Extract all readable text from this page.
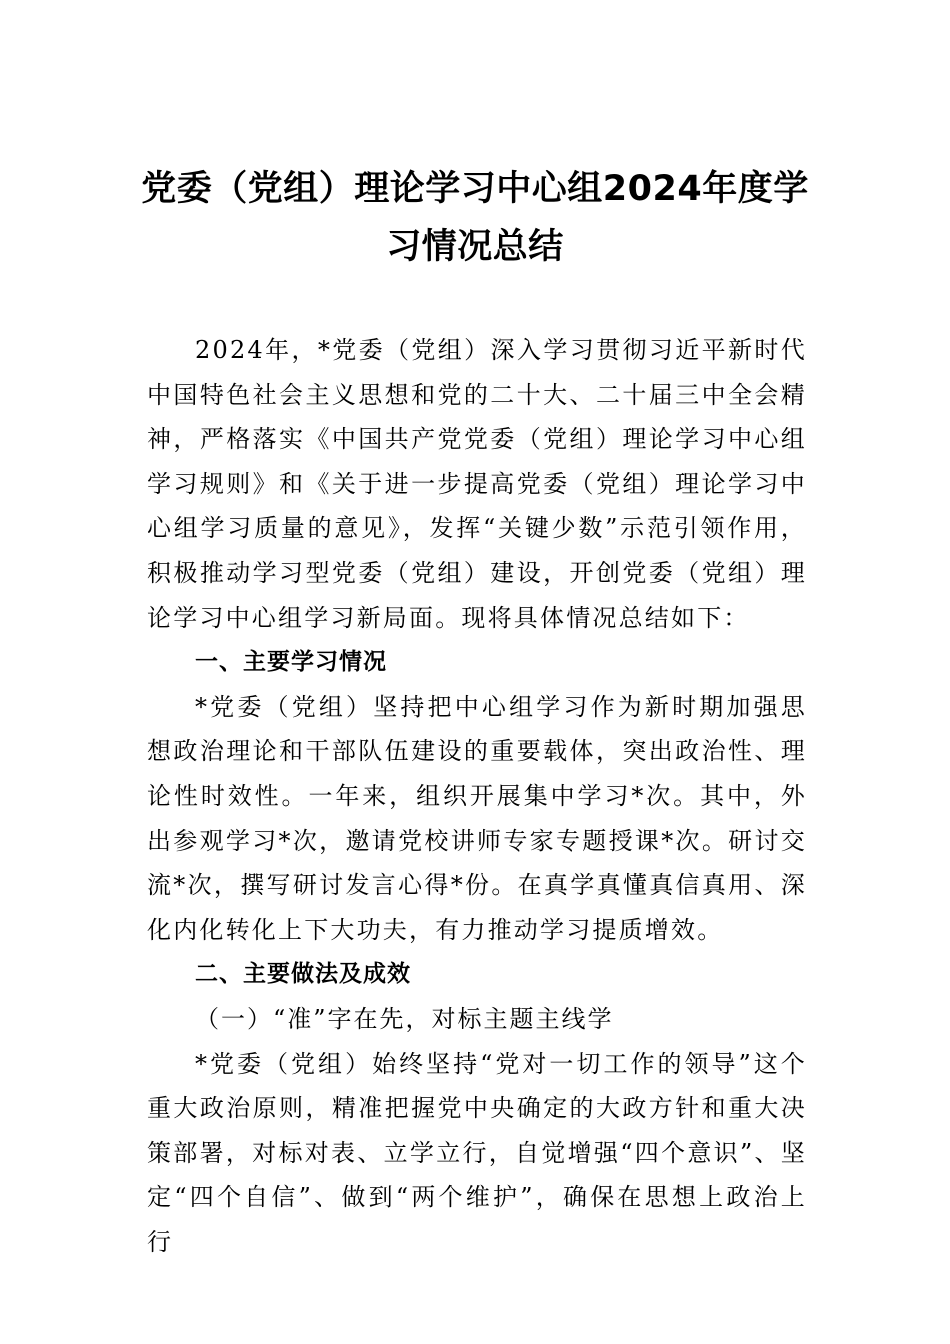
党委（党组）理论学习中心组2024年度学习情况总结

2024年，*党委（党组）深入学习贯彻习近平新时代中国特色社会主义思想和党的二十大、二十届三中全会精神，严格落实《中国共产党党委（党组）理论学习中心组学习规则》和《关于进一步提高党委（党组）理论学习中心组学习质量的意见》，发挥“关键少数”示范引领作用，积极推动学习型党委（党组）建设，开创党委（党组）理论学习中心组学习新局面。现将具体情况总结如下：

一、主要学习情况

*党委（党组）坚持把中心组学习作为新时期加强思想政治理论和干部队伍建设的重要载体，突出政治性、理论性时效性。一年来，组织开展集中学习*次。其中，外出参观学习*次，邀请党校讲师专家专题授课*次。研讨交流*次，撰写研讨发言心得*份。在真学真懂真信真用、深化内化转化上下大功夫，有力推动学习提质增效。

二、主要做法及成效

（一）“准”字在先，对标主题主线学

*党委（党组）始终坚持“党对一切工作的领导”这个重大政治原则，精准把握党中央确定的大政方针和重大决策部署，对标对表、立学立行，自觉增强“四个意识”、坚定“四个自信”、做到“两个维护”，确保在思想上政治上行
